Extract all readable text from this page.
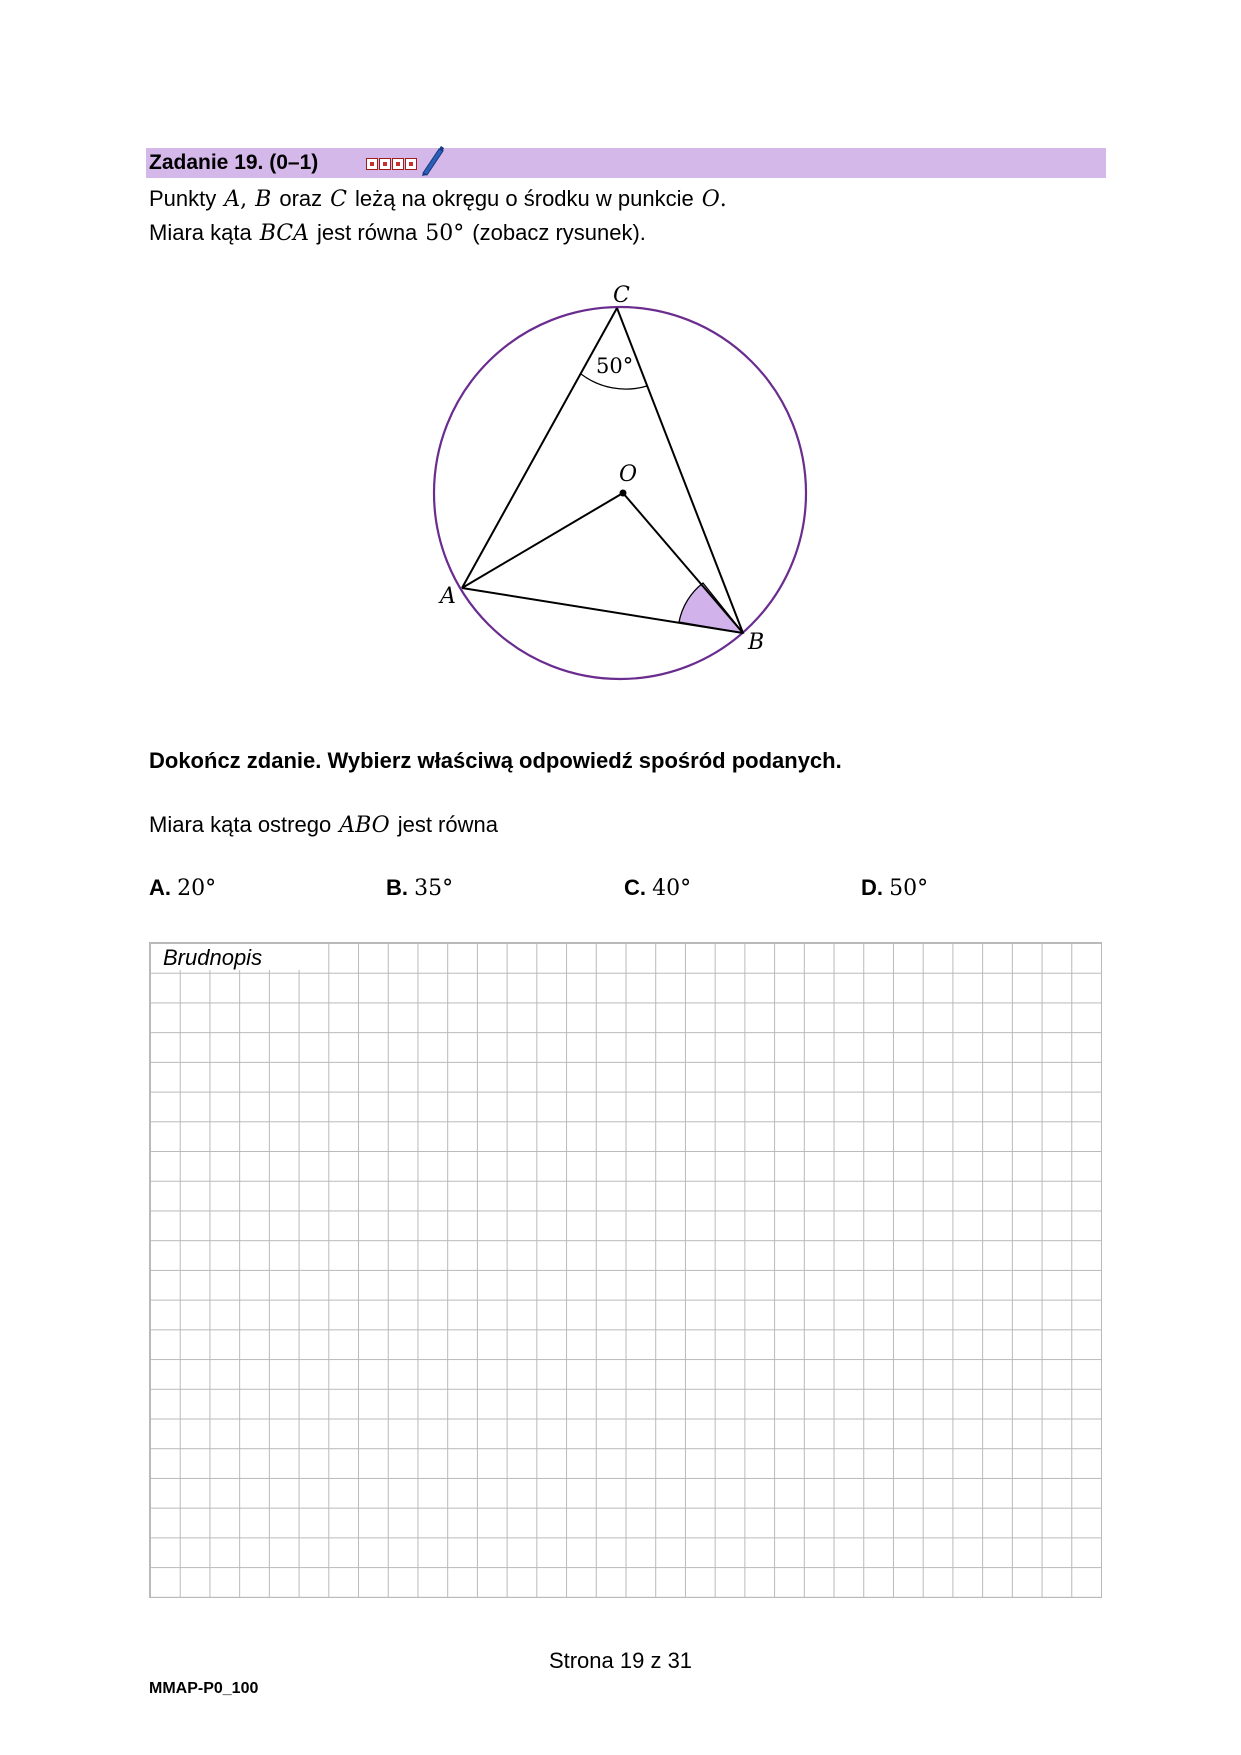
Zadanie 19. (0–1)
Punkty A, B oraz C leżą na okręgu o środku w punkcie O.
Miara kąta BCA jest równa 50° (zobacz rysunek).
C
O
A
B
50°
Dokończ zdanie. Wybierz właściwą odpowiedź spośród podanych.
Miara kąta ostrego ABO jest równa
A. 20°	B. 35°	C. 40°	D. 50°
Brudnopis
Strona 19 z 31
MMAP-P0_100
